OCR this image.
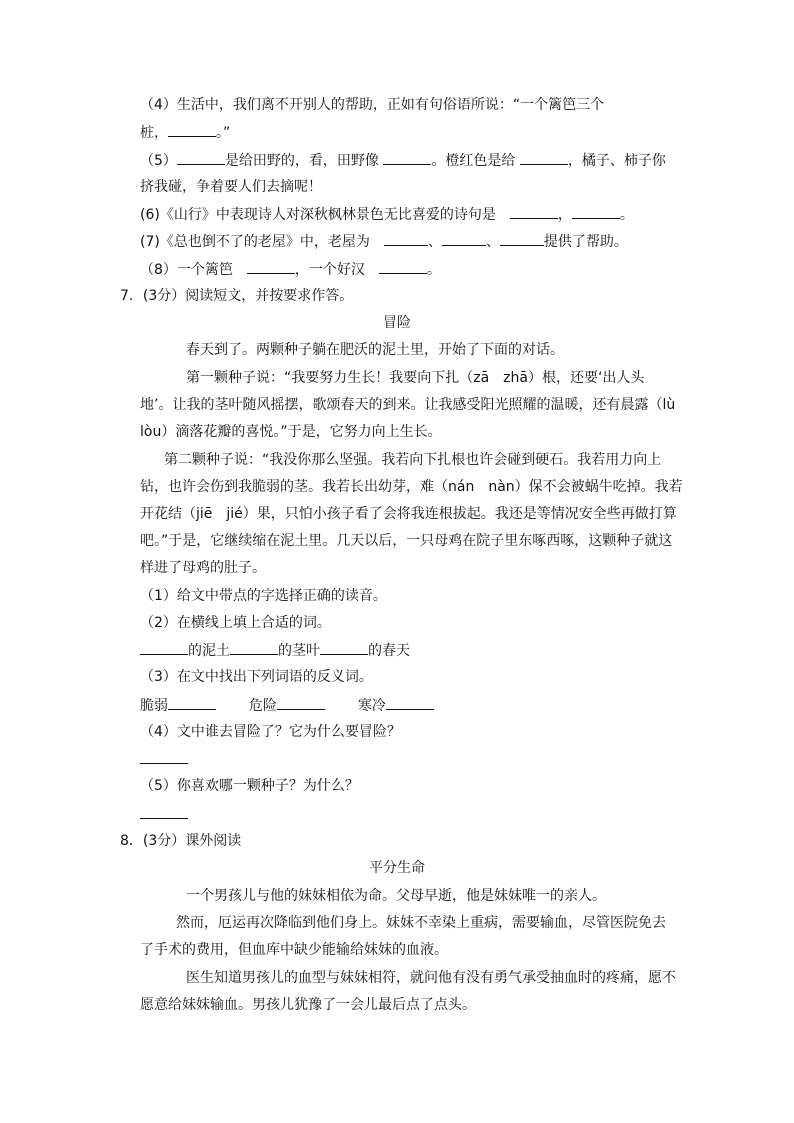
（4）生活中，我们离不开别人的帮助，正如有句俗语所说：“一个篱笆三个
桩，	。”
（5）	是给田野的，看，田野像	。橙红色是给	，橘子、柿子你
挤我碰，争着要人们去摘呢！
(6)《山行》中表现诗人对深秋枫林景色无比喜爱的诗句是　	，	。
(7)《总也倒不了的老屋》中，老屋为　	、	、	提供了帮助。
（8）一个篱笆　	，一个好汉　	。
7．(3分）阅读短文，并按要求作答。
冒险
春天到了。两颗种子躺在肥沃的泥土里，开始了下面的对话。
第一颗种子说：“我要努力生长！我要向下扎（zā　zhā）根，还要‘出人头
地’。让我的茎叶随风摇摆，歌颂春天的到来。让我感受阳光照耀的温暖，还有晨露（lù
lòu）滴落花瓣的喜悦。”于是，它努力向上生长。
第二颗种子说：“我没你那么坚强。我若向下扎根也许会碰到硬石。我若用力向上
钻，也许会伤到我脆弱的茎。我若长出幼芽，难（nán　nàn）保不会被蜗牛吃掉。我若
开花结（jiē　jié）果，只怕小孩子看了会将我连根拔起。我还是等情况安全些再做打算
吧。”于是，它继续缩在泥土里。几天以后，一只母鸡在院子里东啄西啄，这颗种子就这
样进了母鸡的肚子。
（1）给文中带点的字选择正确的读音。
（2）在横线上填上合适的词。
的泥土	的茎叶	的春天
（3）在文中找出下列词语的反义词。
脆弱	危险	寒冷
（4）文中谁去冒险了？它为什么要冒险？
（5）你喜欢哪一颗种子？为什么？
8．(3分）课外阅读
平分生命
一个男孩儿与他的妹妹相依为命。父母早逝，他是妹妹唯一的亲人。
然而，厄运再次降临到他们身上。妹妹不幸染上重病，需要输血，尽管医院免去
了手术的费用，但血库中缺少能输给妹妹的血液。
医生知道男孩儿的血型与妹妹相符，就问他有没有勇气承受抽血时的疼痛，愿不
愿意给妹妹输血。男孩儿犹豫了一会儿最后点了点头。
